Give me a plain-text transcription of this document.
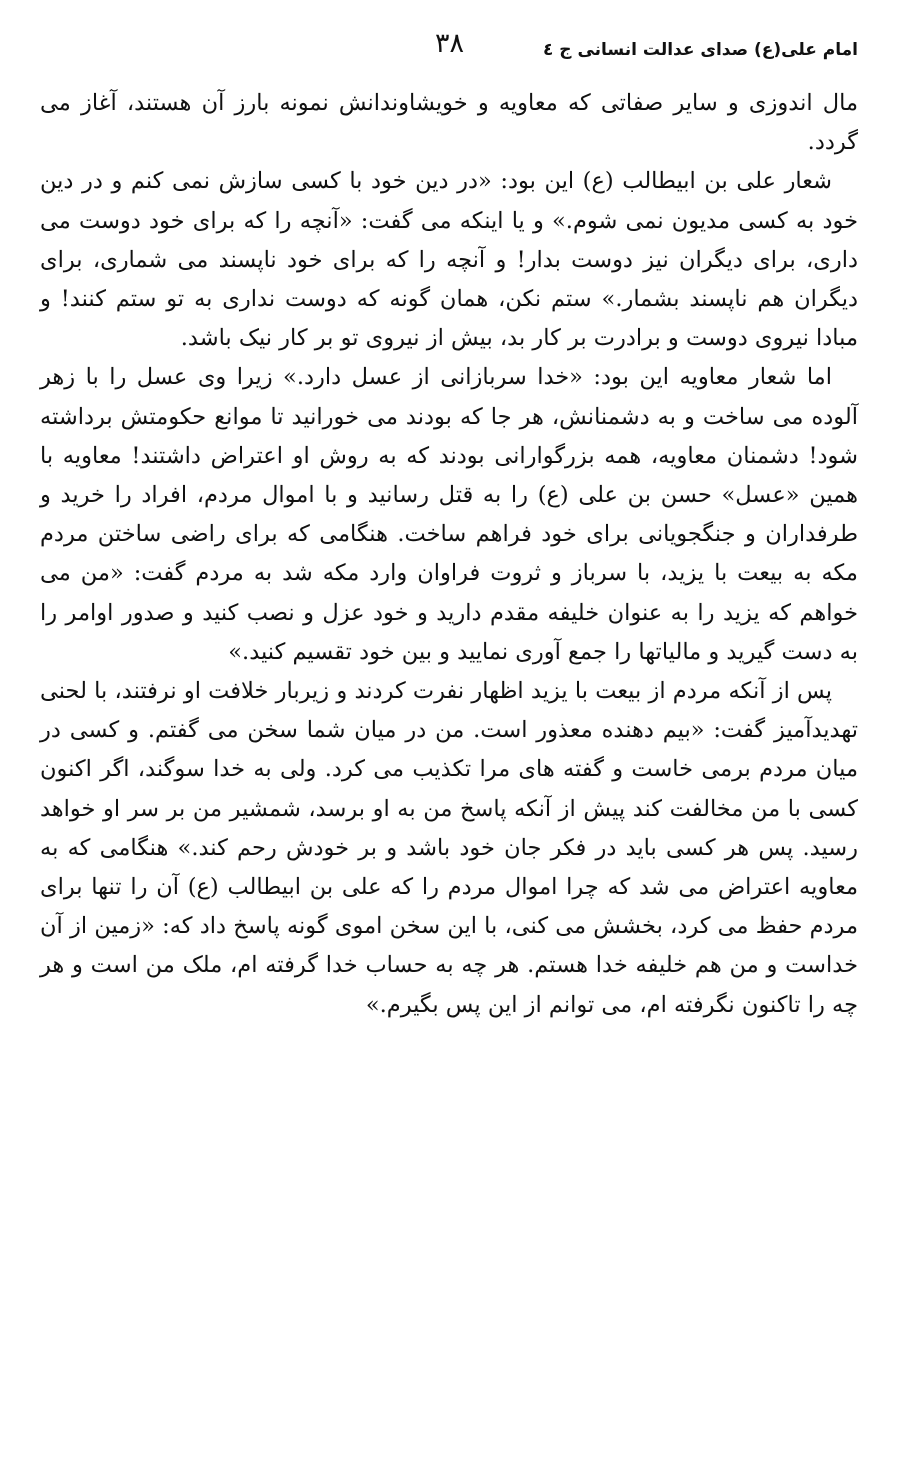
امام علی(ع) صدای عدالت انسانی ج ٤
٣٨

مال اندوزی و سایر صفاتی که معاویه و خویشاوندانش نمونه بارز آن هستند، آغاز می گردد.

شعار علی بن ابیطالب (ع) این بود: «در دین خود با کسی سازش نمی کنم و در دین خود به کسی مدیون نمی شوم.» و یا اینکه می گفت: «آنچه را که برای خود دوست می داری، برای دیگران نیز دوست بدار! و آنچه را که برای خود ناپسند می شماری، برای دیگران هم ناپسند بشمار.» ستم نکن، همان گونه که دوست نداری به تو ستم کنند! و مبادا نیروی دوست و برادرت بر کار بد، بیش از نیروی تو بر کار نیک باشد.

اما شعار معاویه این بود: «خدا سربازانی از عسل دارد.» زیرا وی عسل را با زهر آلوده می ساخت و به دشمنانش، هر جا که بودند می خورانید تا موانع حکومتش برداشته شود! دشمنان معاویه، همه بزرگوارانی بودند که به روش او اعتراض داشتند! معاویه با همین «عسل» حسن بن علی (ع) را به قتل رسانید و با اموال مردم، افراد را خرید و طرفداران و جنگجویانی برای خود فراهم ساخت. هنگامی که برای راضی ساختن مردم مکه به بیعت با یزید، با سرباز و ثروت فراوان وارد مکه شد به مردم گفت: «من می خواهم که یزید را به عنوان خلیفه مقدم دارید و خود عزل و نصب کنید و صدور اوامر را به دست گیرید و مالیاتها را جمع آوری نمایید و بین خود تقسیم کنید.»

پس از آنکه مردم از بیعت با یزید اظهار نفرت کردند و زیربار خلافت او نرفتند، با لحنی تهدیدآمیز گفت: «بیم دهنده معذور است. من در میان شما سخن می گفتم. و کسی در میان مردم برمی خاست و گفته های مرا تکذیب می کرد. ولی به خدا سوگند، اگر اکنون کسی با من مخالفت کند پیش از آنکه پاسخ من به او برسد، شمشیر من بر سر او خواهد رسید. پس هر کسی باید در فکر جان خود باشد و بر خودش رحم کند.» هنگامی که به معاویه اعتراض می شد که چرا اموال مردم را که علی بن ابیطالب (ع) آن را تنها برای مردم حفظ می کرد، بخشش می کنی، با این سخن اموی گونه پاسخ داد که: «زمین از آن خداست و من هم خلیفه خدا هستم. هر چه به حساب خدا گرفته ام، ملک من است و هر چه را تاکنون نگرفته ام، می توانم از این پس بگیرم.»
